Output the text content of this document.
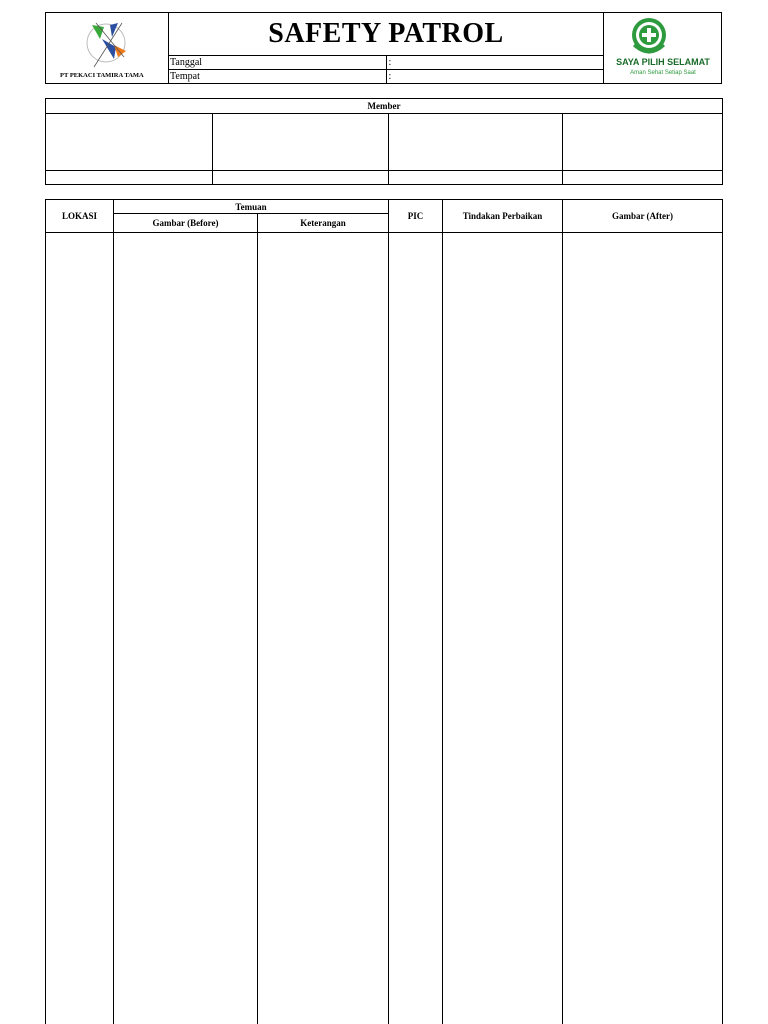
PT PEKACI TAMIRA TAMA	SAFETY PATROL		SAYA PILIH SELAMAT
Aman Sehat Setiap Saat

	Tanggal	:	
	Tempat	:	
Member			

LOKASI	Temuan		PIC	Tindakan Perbaikan	Gambar (After)
	Gambar (Before)	Keterangan			
